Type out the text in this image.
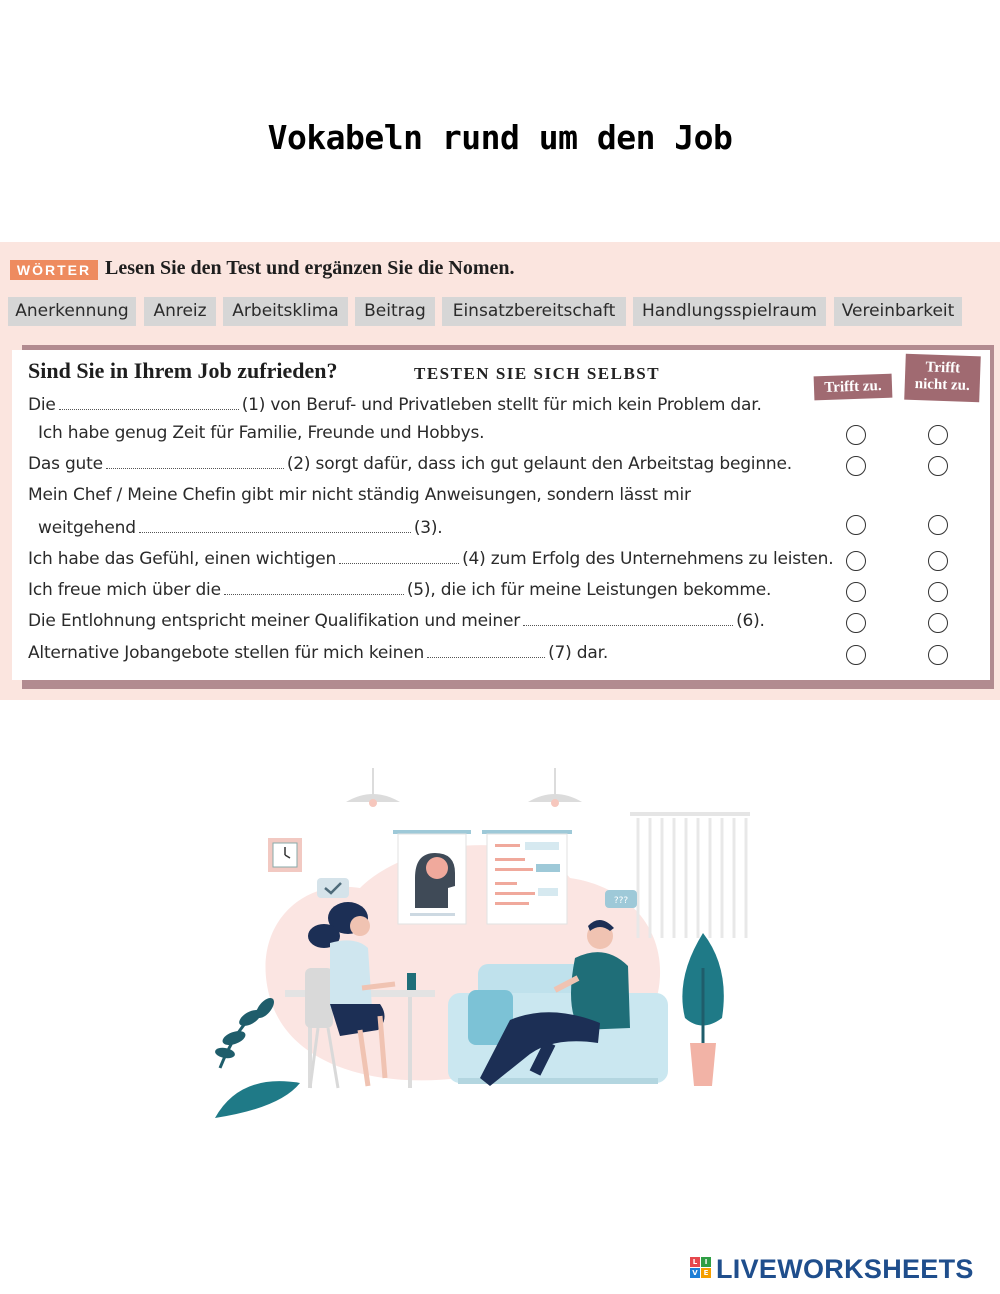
Vokabeln rund um den Job
WÖRTER Lesen Sie den Test und ergänzen Sie die Nomen.
Anerkennung	Anreiz	Arbeitsklima	Beitrag	Einsatzbereitschaft	Handlungsspielraum	Vereinbarkeit
Sind Sie in Ihrem Job zufrieden?	TESTEN SIE SICH SELBST
Trifft zu.
Trifft
nicht zu.
Die	(1) von Beruf- und Privatleben stellt für mich kein Problem dar.
Ich habe genug Zeit für Familie, Freunde und Hobbys.
Das gute	(2) sorgt dafür, dass ich gut gelaunt den Arbeitstag beginne.
Mein Chef / Meine Chefin gibt mir nicht ständig Anweisungen, sondern lässt mir
weitgehend	(3).
Ich habe das Gefühl, einen wichtigen	(4) zum Erfolg des Unternehmens zu leisten.
Ich freue mich über die	(5), die ich für meine Leistungen bekomme.
Die Entlohnung entspricht meiner Qualifikation und meiner	(6).
Alternative Jobangebote stellen für mich keinen	(7) dar.
???
L	I
V E LIVEWORKSHEETS
